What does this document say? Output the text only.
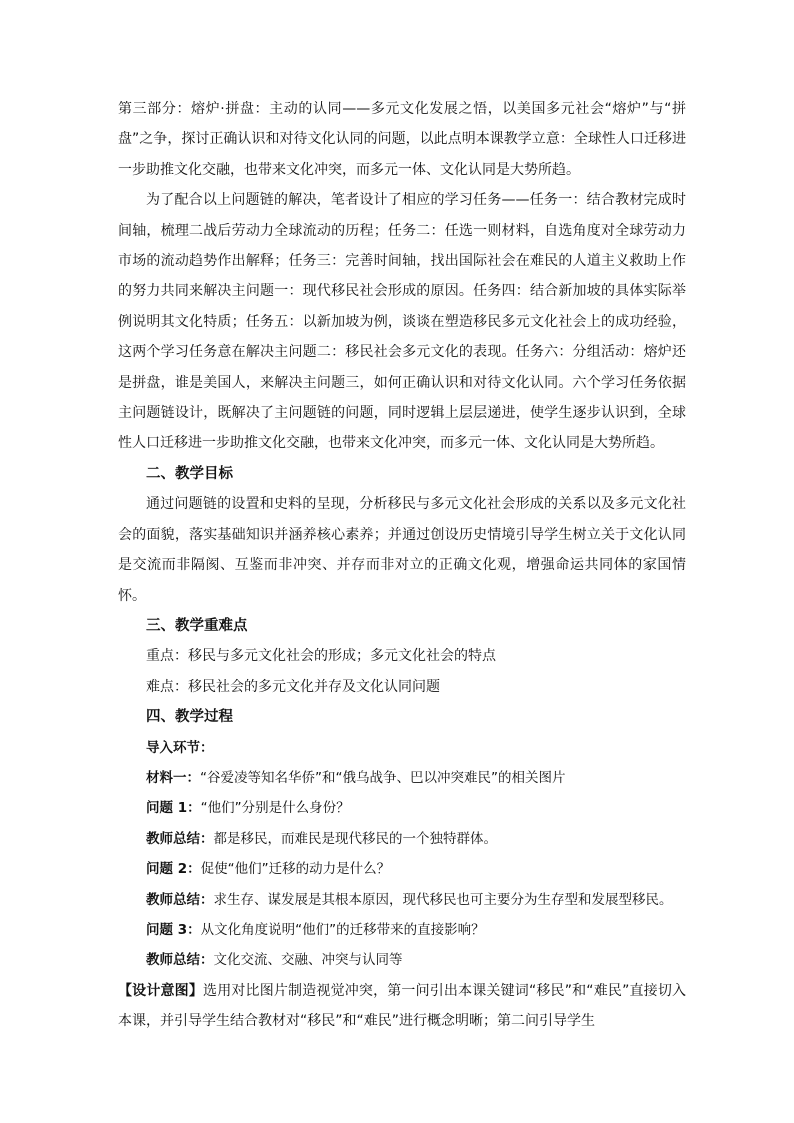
第三部分：熔炉·拼盘：主动的认同——多元文化发展之悟，以美国多元社会“熔炉”与“拼盘”之争，探讨正确认识和对待文化认同的问题，以此点明本课教学立意：全球性人口迁移进一步助推文化交融，也带来文化冲突，而多元一体、文化认同是大势所趋。

为了配合以上问题链的解决，笔者设计了相应的学习任务——任务一：结合教材完成时间轴，梳理二战后劳动力全球流动的历程；任务二：任选一则材料，自选角度对全球劳动力市场的流动趋势作出解释；任务三：完善时间轴，找出国际社会在难民的人道主义救助上作的努力共同来解决主问题一：现代移民社会形成的原因。任务四：结合新加坡的具体实际举例说明其文化特质；任务五：以新加坡为例，谈谈在塑造移民多元文化社会上的成功经验，这两个学习任务意在解决主问题二：移民社会多元文化的表现。任务六：分组活动：熔炉还是拼盘，谁是美国人，来解决主问题三，如何正确认识和对待文化认同。六个学习任务依据主问题链设计，既解决了主问题链的问题，同时逻辑上层层递进，使学生逐步认识到，全球性人口迁移进一步助推文化交融，也带来文化冲突，而多元一体、文化认同是大势所趋。

二、教学目标

通过问题链的设置和史料的呈现，分析移民与多元文化社会形成的关系以及多元文化社会的面貌，落实基础知识并涵养核心素养；并通过创设历史情境引导学生树立关于文化认同是交流而非隔阂、互鉴而非冲突、并存而非对立的正确文化观，增强命运共同体的家国情怀。

三、教学重难点

重点：移民与多元文化社会的形成；多元文化社会的特点

难点：移民社会的多元文化并存及文化认同问题

四、教学过程

导入环节：

材料一：“谷爱凌等知名华侨”和“俄乌战争、巴以冲突难民”的相关图片

问题 1：“他们”分别是什么身份？

教师总结：都是移民，而难民是现代移民的一个独特群体。

问题 2：促使“他们”迁移的动力是什么？

教师总结：求生存、谋发展是其根本原因，现代移民也可主要分为生存型和发展型移民。

问题 3：从文化角度说明“他们”的迁移带来的直接影响？

教师总结：文化交流、交融、冲突与认同等

【设计意图】选用对比图片制造视觉冲突，第一问引出本课关键词“移民”和“难民”直接切入本课，并引导学生结合教材对“移民”和“难民”进行概念明晰；第二问引导学生
